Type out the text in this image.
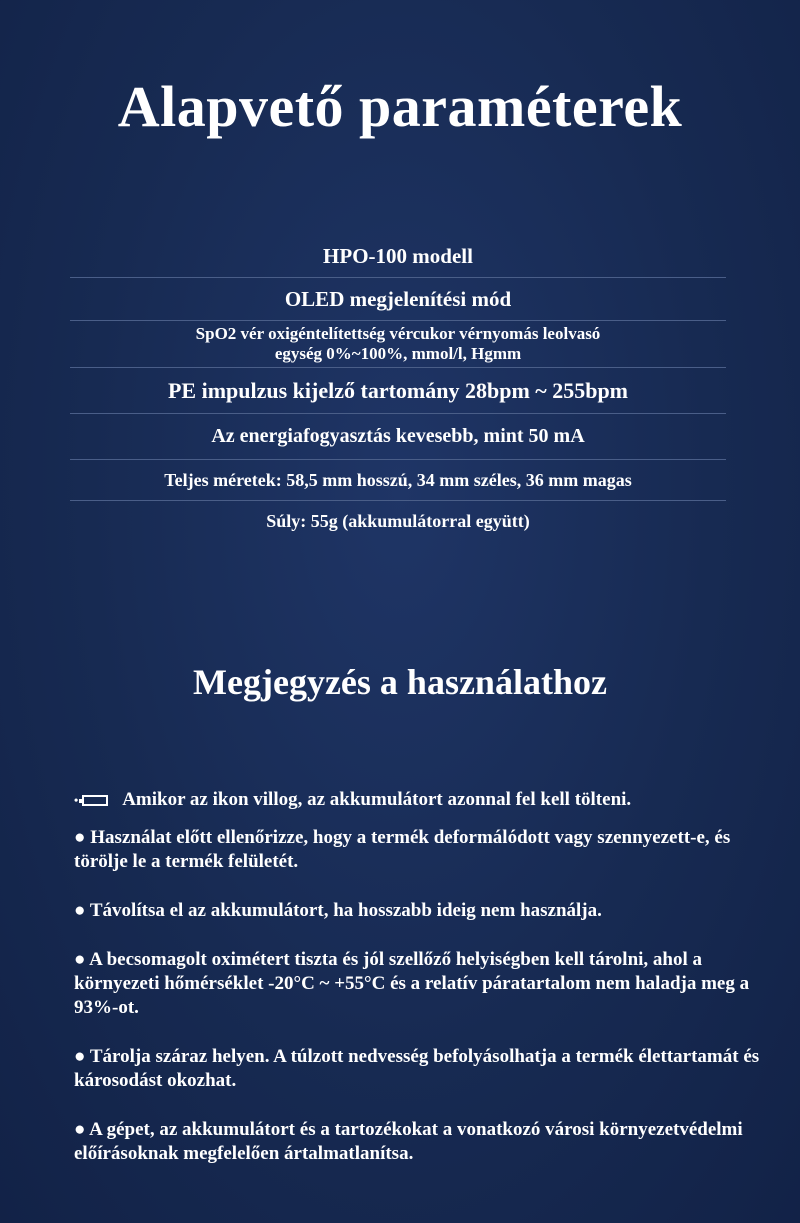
Alapvető paraméterek
HPO-100 modell
OLED megjelenítési mód
SpO2 vér oxigéntelítettség vércukor vérnyomás leolvasó
egység 0%~100%, mmol/l, Hgmm
PE impulzus kijelző tartomány 28bpm ~ 255bpm
Az energiafogyasztás kevesebb, mint 50 mA
Teljes méretek: 58,5 mm hosszú, 34 mm széles, 36 mm magas
Súly: 55g (akkumulátorral együtt)
Megjegyzés a használathoz
• Amikor az ikon villog, az akkumulátort azonnal fel kell tölteni.
● Használat előtt ellenőrizze, hogy a termék deformálódott vagy szennyezett-e, és törölje le a termék felületét.
● Távolítsa el az akkumulátort, ha hosszabb ideig nem használja.
● A becsomagolt oximétert tiszta és jól szellőző helyiségben kell tárolni, ahol a környezeti hőmérséklet -20°C ~ +55°C és a relatív páratartalom nem haladja meg a 93%-ot.
● Tárolja száraz helyen. A túlzott nedvesség befolyásolhatja a termék élettartamát és károsodást okozhat.
● A gépet, az akkumulátort és a tartozékokat a vonatkozó városi környezetvédelmi előírásoknak megfelelően ártalmatlanítsa.
